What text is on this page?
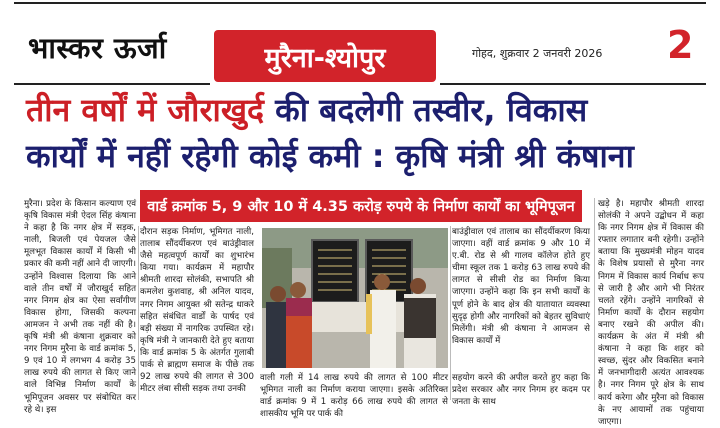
भास्कर ऊर्जा	मुरैना-श्योपुर	गोहद, शुक्रवार 2 जनवरी 2026 2
तीन वर्षों में जौराखुर्द की बदलेगी तस्वीर, विकास
कार्यों में नहीं रहेगी कोई कमी : कृषि मंत्री श्री कंषाना
वार्ड क्रमांक 5, 9 और 10 में 4.35 करोड़ रुपये के निर्माण कार्यों का भूमिपूजन
मुरैना। प्रदेश के किसान कल्याण एवं कृषि विकास मंत्री ऐदल सिंह कंषाना ने कहा है कि नगर क्षेत्र में सड़क, नाली, बिजली एवं पेयजल जैसे मूलभूत विकास कार्यों में किसी भी प्रकार की कमी नहीं आने दी जाएगी। उन्होंने विश्वास दिलाया कि आने वाले तीन वर्षों में जौराखुर्द सहित नगर निगम क्षेत्र का ऐसा सर्वांगीण विकास होगा, जिसकी कल्पना आमजन ने अभी तक नहीं की है। कृषि मंत्री श्री कंषाना शुक्रवार को नगर निगम मुरैना के वार्ड क्रमांक 5, 9 एवं 10 में लगभग 4 करोड़ 35 लाख रुपये की लागत से किए जाने वाले विभिन्न निर्माण कार्यों के भूमिपूजन अवसर पर संबोधित कर रहे थे। इस
दौरान सड़क निर्माण, भूमिगत नाली, तालाब सौंदर्यीकरण एवं बाउंड्रीवाल जैसे महत्वपूर्ण कार्यों का शुभारंभ किया गया। कार्यक्रम में महापौर श्रीमती शारदा सोलंकी, सभापति श्री कमलेश कुशवाह, श्री अनिल यादव, नगर निगम आयुक्त श्री सतेन्द्र धाकरे सहित संबंधित वार्डों के पार्षद एवं बड़ी संख्या में नागरिक उपस्थित रहे। कृषि मंत्री ने जानकारी देते हुए बताया कि वार्ड क्रमांक 5 के अंतर्गत गुलाबी पार्क से ब्राह्मण समाज के पीछे तक 92 लाख रुपये की लागत से 300 मीटर लंबा सीसी सड़क तथा उनकी
वाली गली में 14 लाख रुपये की लागत से 100 मीटर भूमिगत नाली का निर्माण कराया जाएगा। इसके अतिरिक्त वार्ड क्रमांक 9 में 1 करोड़ 66 लाख रुपये की लागत से शासकीय भूमि पर पार्क की
बाउंड्रीवाल एवं तालाब का सौंदर्यीकरण किया जाएगा। वहीं वार्ड क्रमांक 9 और 10 में ए.बी. रोड से श्री गालव कॉलेज होते हुए चीमा स्कूल तक 1 करोड़ 63 लाख रुपये की लागत से सीसी रोड का निर्माण किया जाएगा। उन्होंने कहा कि इन सभी कार्यों के पूर्ण होने के बाद क्षेत्र की यातायात व्यवस्था सुदृढ़ होगी और नागरिकों को बेहतर सुविधाएं मिलेंगी। मंत्री श्री कंषाना ने आमजन से विकास कार्यों में
सहयोग करने की अपील करते हुए कहा कि प्रदेश सरकार और नगर निगम हर कदम पर जनता के साथ
खड़े है। महापौर श्रीमती शारदा सोलंकी ने अपने उद्बोधन में कहा कि नगर निगम क्षेत्र में विकास की रफ्तार लगातार बनी रहेगी। उन्होंने बताया कि मुख्यमंत्री मोहन यादव के विशेष प्रयासों से मुरैना नगर निगम में विकास कार्य निर्बाध रूप से जारी है और आगे भी निरंतर चलते रहेंगे। उन्होंने नागरिकों से निर्माण कार्यों के दौरान सहयोग बनाए रखने की अपील की। कार्यक्रम के अंत में मंत्री श्री कंषाना ने कहा कि शहर को स्वच्छ, सुंदर और विकसित बनाने में जनभागीदारी अत्यंत आवश्यक है। नगर निगम पूरे क्षेत्र के साथ कार्य करेगा और मुरैना को विकास के नए आयामों तक पहुंचाया जाएगा।
